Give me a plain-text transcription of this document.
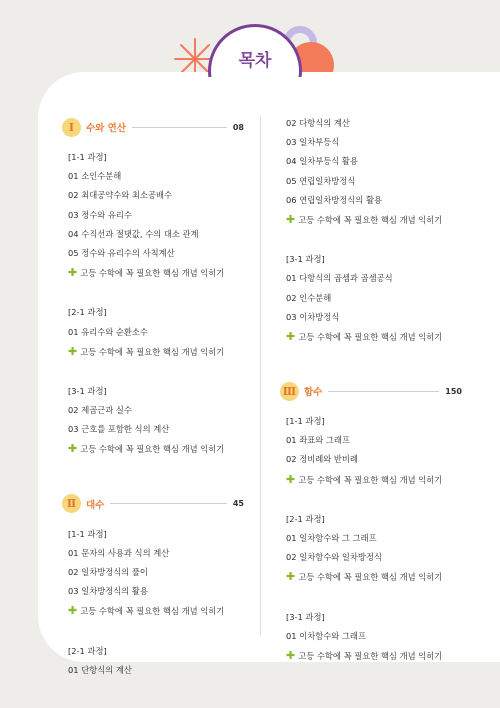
목차
Ⅰ	수와 연산	08
[1-1 과정]
01 소인수분해
02 최대공약수와 최소공배수
03 정수와 유리수
04 수직선과 절댓값, 수의 대소 관계
05 정수와 유리수의 사칙계산
✚ 고등 수학에 꼭 필요한 핵심 개념 익히기
[2-1 과정]
01 유리수와 순환소수
✚ 고등 수학에 꼭 필요한 핵심 개념 익히기
[3-1 과정]
02 제곱근과 실수
03 근호를 포함한 식의 계산
✚ 고등 수학에 꼭 필요한 핵심 개념 익히기
Ⅱ	대수	45
[1-1 과정]
01 문자의 사용과 식의 계산
02 일차방정식의 풀이
03 일차방정식의 활용
✚ 고등 수학에 꼭 필요한 핵심 개념 익히기
[2-1 과정]
01 단항식의 계산
02 다항식의 계산
03 일차부등식
04 일차부등식 활용
05 연립일차방정식
06 연립일차방정식의 활용
✚ 고등 수학에 꼭 필요한 핵심 개념 익히기
[3-1 과정]
01 다항식의 곱셈과 곱셈공식
02 인수분해
03 이차방정식
✚ 고등 수학에 꼭 필요한 핵심 개념 익히기
Ⅲ 함수	150
[1-1 과정]
01 좌표와 그래프
02 정비례와 반비례
✚ 고등 수학에 꼭 필요한 핵심 개념 익히기
[2-1 과정]
01 일차함수와 그 그래프
02 일차함수와 일차방정식
✚ 고등 수학에 꼭 필요한 핵심 개념 익히기
[3-1 과정]
01 이차함수와 그래프
✚ 고등 수학에 꼭 필요한 핵심 개념 익히기
